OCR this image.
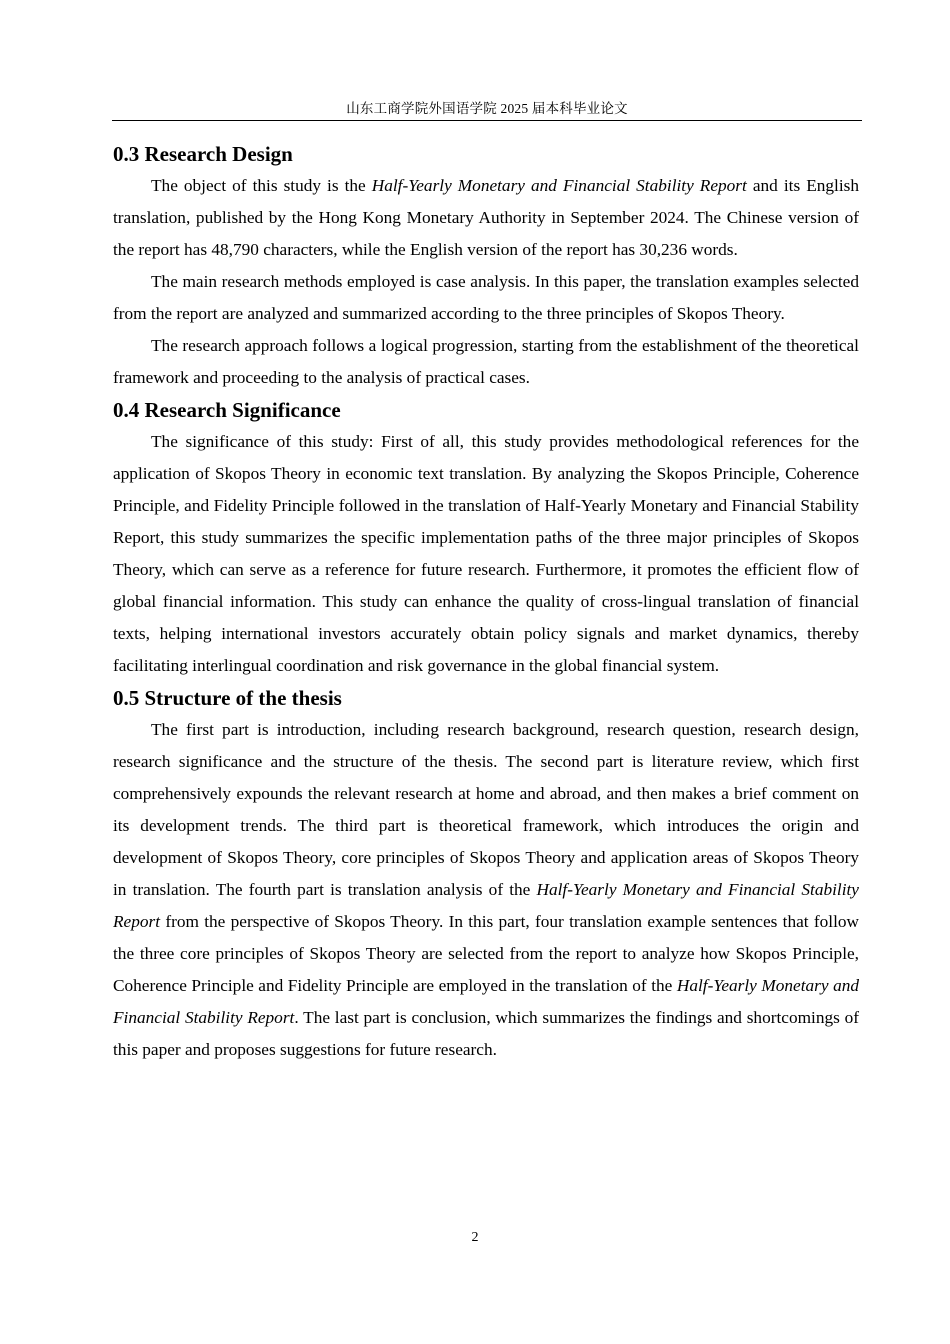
山东工商学院外国语学院 2025 届本科毕业论文
0.3 Research Design

The object of this study is the Half-Yearly Monetary and Financial Stability Report and its English translation, published by the Hong Kong Monetary Authority in September 2024. The Chinese version of the report has 48,790 characters, while the English version of the report has 30,236 words.

The main research methods employed is case analysis. In this paper, the translation examples selected from the report are analyzed and summarized according to the three principles of Skopos Theory.

The research approach follows a logical progression, starting from the establishment of the theoretical framework and proceeding to the analysis of practical cases.

0.4 Research Significance

The significance of this study: First of all, this study provides methodological references for the application of Skopos Theory in economic text translation. By analyzing the Skopos Principle, Coherence Principle, and Fidelity Principle followed in the translation of Half-Yearly Monetary and Financial Stability Report, this study summarizes the specific implementation paths of the three major principles of Skopos Theory, which can serve as a reference for future research. Furthermore, it promotes the efficient flow of global financial information. This study can enhance the quality of cross-lingual translation of financial texts, helping international investors accurately obtain policy signals and market dynamics, thereby facilitating interlingual coordination and risk governance in the global financial system.

0.5 Structure of the thesis

The first part is introduction, including research background, research question, research design, research significance and the structure of the thesis. The second part is literature review, which first comprehensively expounds the relevant research at home and abroad, and then makes a brief comment on its development trends. The third part is theoretical framework, which introduces the origin and development of Skopos Theory, core principles of Skopos Theory and application areas of Skopos Theory in translation. The fourth part is translation analysis of the Half-Yearly Monetary and Financial Stability Report from the perspective of Skopos Theory. In this part, four translation example sentences that follow the three core principles of Skopos Theory are selected from the report to analyze how Skopos Principle, Coherence Principle and Fidelity Principle are employed in the translation of the Half-Yearly Monetary and Financial Stability Report. The last part is conclusion, which summarizes the findings and shortcomings of this paper and proposes suggestions for future research.

2
